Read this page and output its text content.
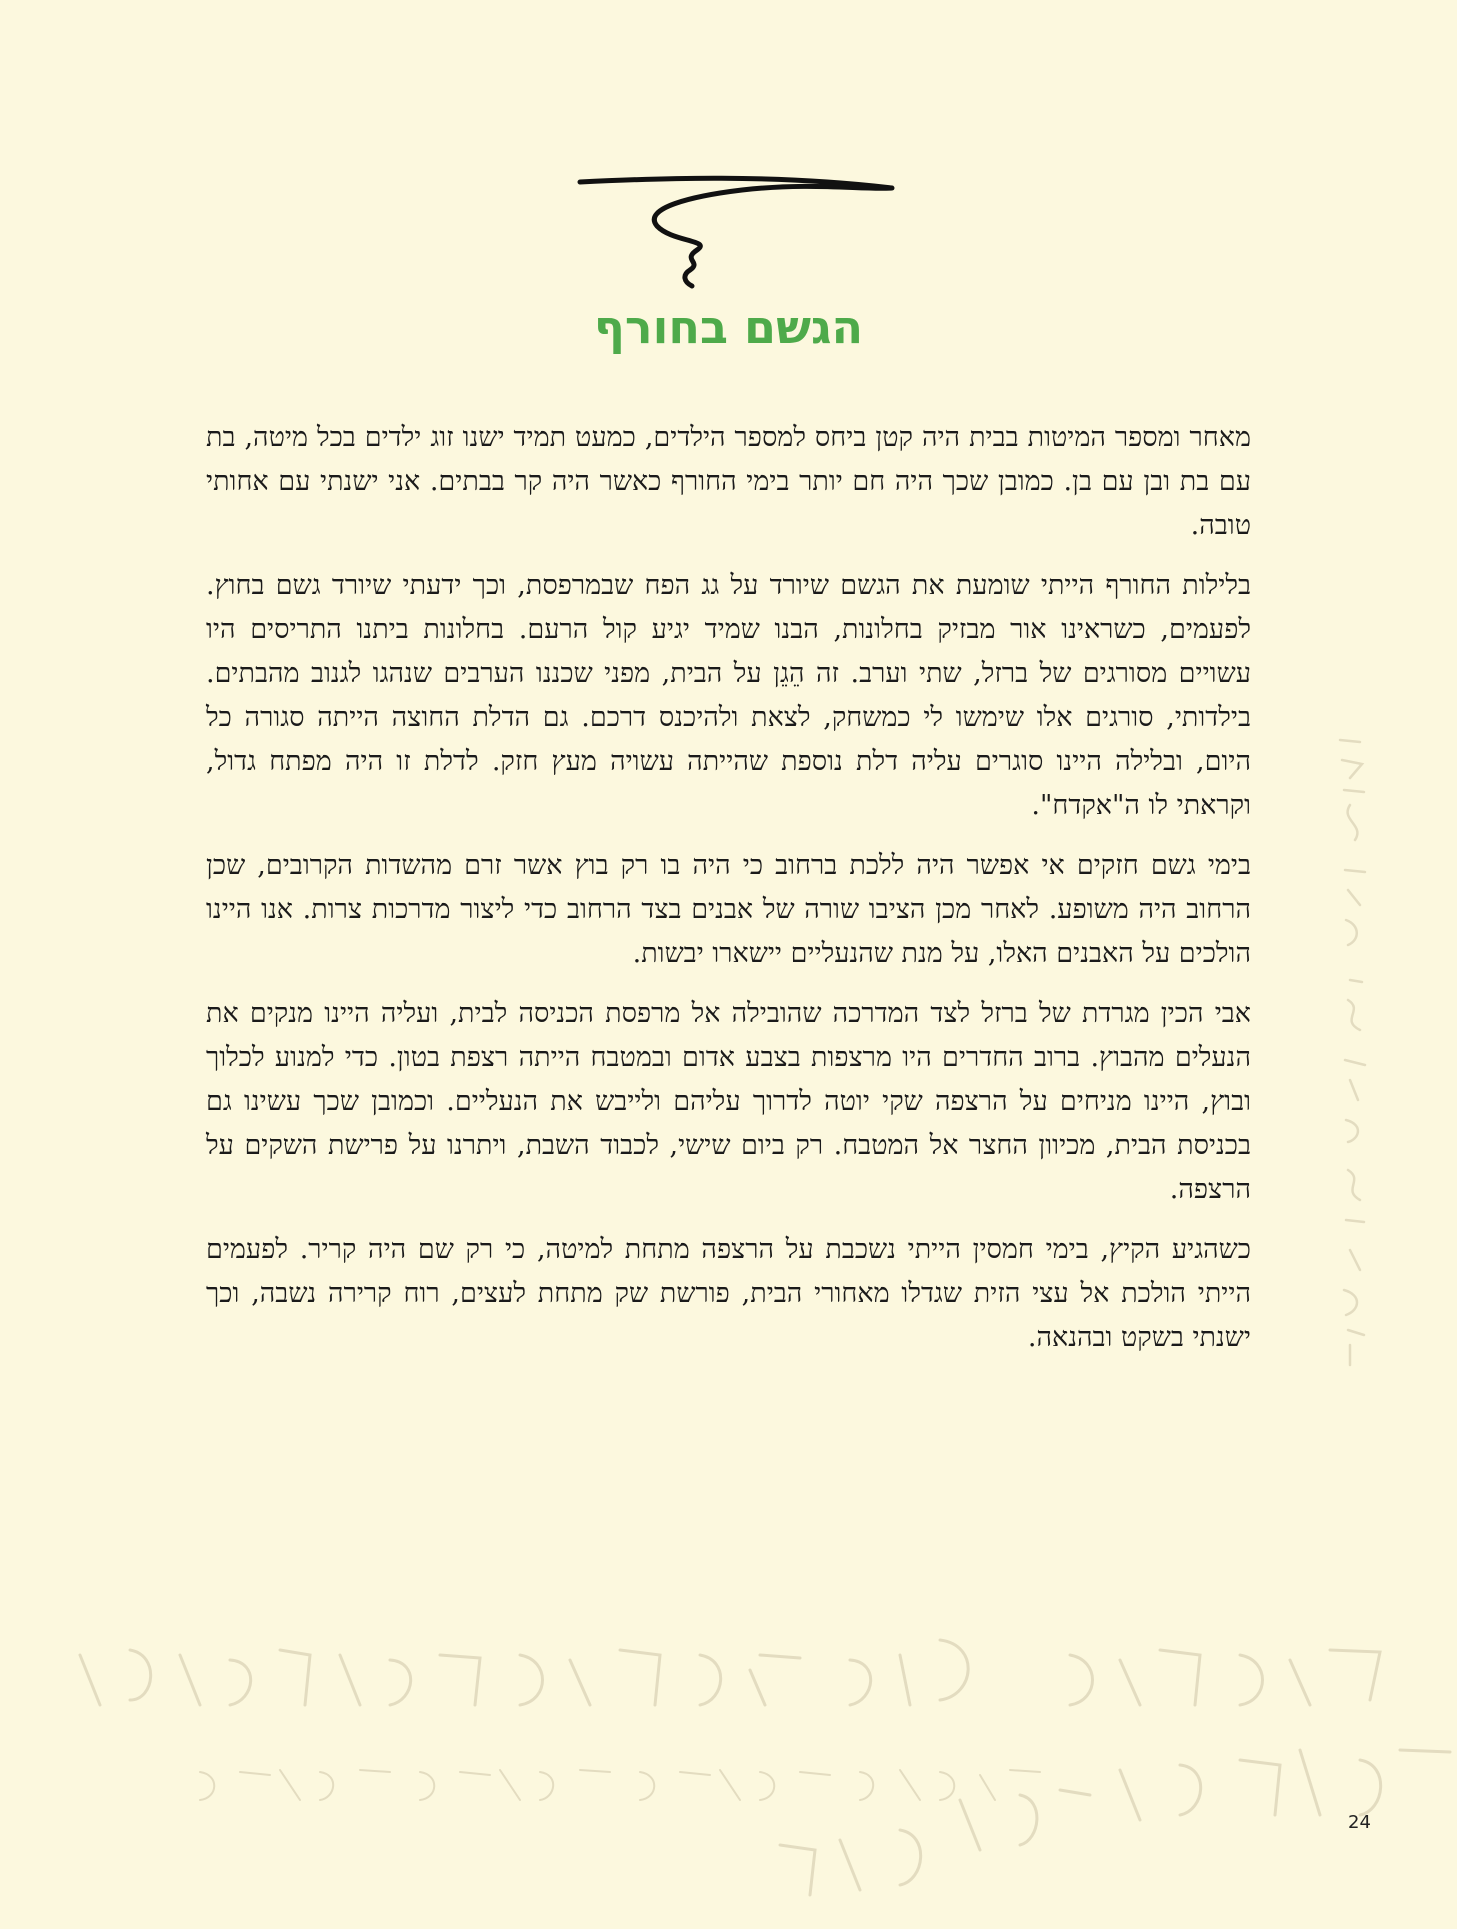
הגשם בחורף

מאחר ומספר המיטות בבית היה קטן ביחס למספר הילדים, כמעט תמיד ישנו זוג ילדים בכל מיטה, בת עם בת ובן עם בן. כמובן שכך היה חם יותר בימי החורף כאשר היה קר בבתים. אני ישנתי עם אחותי טובה.

בלילות החורף הייתי שומעת את הגשם שיורד על גג הפח שבמרפסת, וכך ידעתי שיורד גשם בחוץ. לפעמים, כשראינו אור מבזיק בחלונות, הבנו שמיד יגיע קול הרעם. בחלונות ביתנו התריסים היו עשויים מסורגים של ברזל, שתי וערב. זה הֵגֵן על הבית, מפני שכננו הערבים שנהגו לגנוב מהבתים. בילדותי, סורגים אלו שימשו לי כמשחק, לצאת ולהיכנס דרכם. גם הדלת החוצה הייתה סגורה כל היום, ובלילה היינו סוגרים עליה דלת נוספת שהייתה עשויה מעץ חזק. לדלת זו היה מפתח גדול, וקראתי לו ה"אקדח".

בימי גשם חזקים אי אפשר היה ללכת ברחוב כי היה בו רק בוץ אשר זרם מהשדות הקרובים, שכן הרחוב היה משופע. לאחר מכן הציבו שורה של אבנים בצד הרחוב כדי ליצור מדרכות צרות. אנו היינו הולכים על האבנים האלו, על מנת שהנעליים יישארו יבשות.

אבי הכין מגרדת של ברזל לצד המדרכה שהובילה אל מרפסת הכניסה לבית, ועליה היינו מנקים את הנעלים מהבוץ. ברוב החדרים היו מרצפות בצבע אדום ובמטבח הייתה רצפת בטון. כדי למנוע לכלוך ובוץ, היינו מניחים על הרצפה שקי יוטה לדרוך עליהם ולייבש את הנעליים. וכמובן שכך עשינו גם בכניסת הבית, מכיוון החצר אל המטבח. רק ביום שישי, לכבוד השבת, ויתרנו על פרישת השקים על הרצפה.

כשהגיע הקיץ, בימי חמסין הייתי נשכבת על הרצפה מתחת למיטה, כי רק שם היה קריר. לפעמים הייתי הולכת אל עצי הזית שגדלו מאחורי הבית, פורשת שק מתחת לעצים, רוח קרירה נשבה, וכך ישנתי בשקט ובהנאה.

24
